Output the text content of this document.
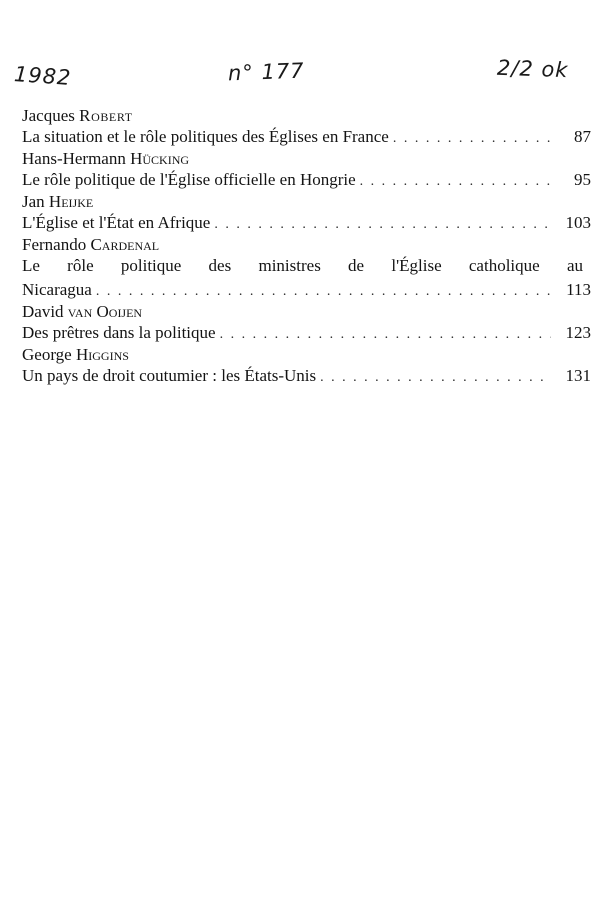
1982	n° 177	2/2 ok
Jacques Robert
La situation et le rôle politiques des Églises en France . . .	87
Hans-Hermann Hücking
Le rôle politique de l'Église officielle en Hongrie . . .	95
Jan Heijke
L'Église et l'État en Afrique . . .	103
Fernando Cardenal
Le rôle politique des ministres de l'Église catholique au
Nicaragua . . .	113
David van Ooijen
Des prêtres dans la politique . . .	123
George Higgins
Un pays de droit coutumier : les États-Unis . . .	131
